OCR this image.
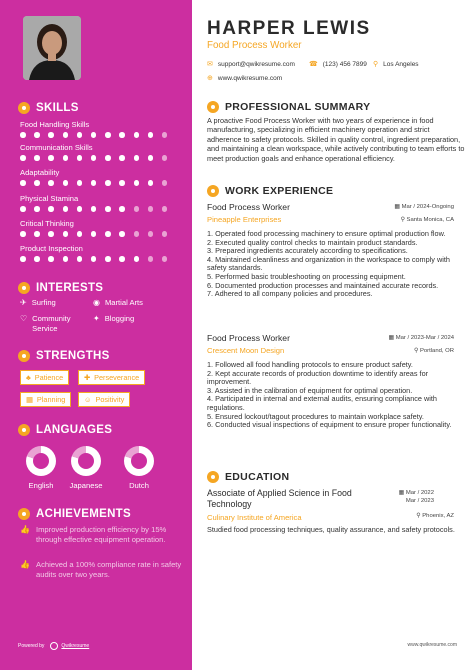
SKILLS
Food Handling Skills
Communication Skills
Adaptability
Physical Stamina
Critical Thinking
Product Inspection
INTERESTS
✈ Surfing	◉ Martial Arts
♡ Community Service
✦ Blogging
STRENGTHS
♣ Patience	✚ Perseverance
▦ Planning	☺ Positivity
LANGUAGES
English	Japanese	Dutch
ACHIEVEMENTS
👍 Improved production efficiency by 15% through effective equipment operation.
👍 Achieved a 100% compliance rate in safety audits over two years.
Powered by	Qwikresume
HARPER LEWIS
Food Process Worker
✉ support@qwikresume.com ☎ (123) 456 7899 ⚲ Los Angeles
⊕ www.qwikresume.com
PROFESSIONAL SUMMARY
A proactive Food Process Worker with two years of experience in food manufacturing, specializing in efficient machinery operation and strict adherence to safety protocols. Skilled in quality control, ingredient preparation, and maintaining a clean workspace, while actively contributing to team efforts to meet production goals and enhance operational efficiency.
WORK EXPERIENCE
Food Process Worker
Pineapple Enterprises
▦ Mar / 2024-Ongoing
⚲ Santa Monica, CA
1. Operated food processing machinery to ensure optimal production flow.
2. Executed quality control checks to maintain product standards.
3. Prepared ingredients accurately according to specifications.
4. Maintained cleanliness and organization in the workspace to comply with safety standards.
5. Performed basic troubleshooting on processing equipment.
6. Documented production processes and maintained accurate records.
7. Adhered to all company policies and procedures.
Food Process Worker
Crescent Moon Design
▦ Mar / 2023-Mar / 2024
⚲ Portland, OR
1. Followed all food handling protocols to ensure product safety.
2. Kept accurate records of production downtime to identify areas for improvement.
3. Assisted in the calibration of equipment for optimal operation.
4. Participated in internal and external audits, ensuring compliance with regulations.
5. Ensured lockout/tagout procedures to maintain workplace safety.
6. Conducted visual inspections of equipment to ensure proper functionality.
EDUCATION
Associate of Applied Science in Food Technology
Culinary Institute of America
▦ Mar / 2022
Mar / 2023
⚲ Phoenix, AZ
Studied food processing techniques, quality assurance, and safety protocols.
www.qwikresume.com
